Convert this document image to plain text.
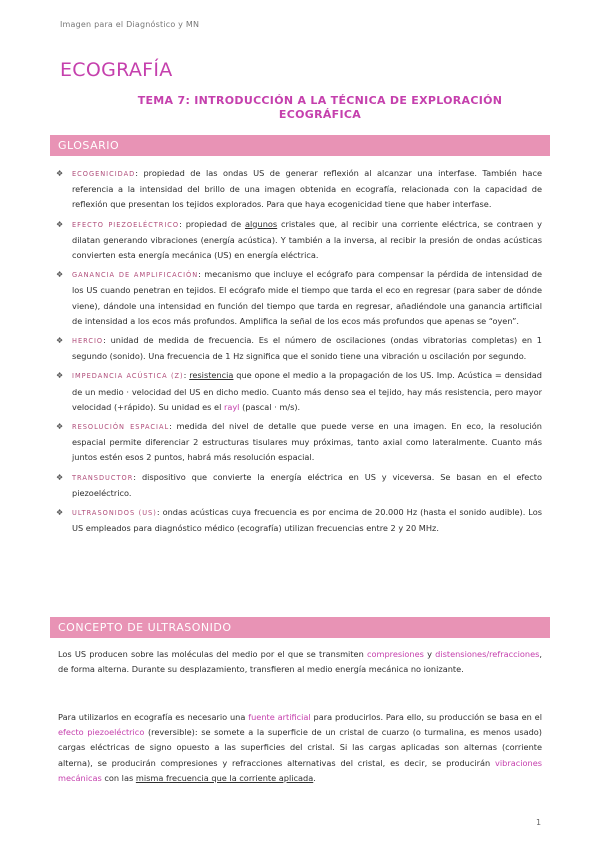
Imagen para el Diagnóstico y MN
ECOGRAFÍA
TEMA 7: INTRODUCCIÓN A LA TÉCNICA DE EXPLORACIÓN ECOGRÁFICA
GLOSARIO
❖ ECOGENICIDAD: propiedad de las ondas US de generar reflexión al alcanzar una interfase. También hace referencia a la intensidad del brillo de una imagen obtenida en ecografía, relacionada con la capacidad de reflexión que presentan los tejidos explorados. Para que haya ecogenicidad tiene que haber interfase.
❖ EFECTO PIEZOELÉCTRICO: propiedad de algunos cristales que, al recibir una corriente eléctrica, se contraen y dilatan generando vibraciones (energía acústica). Y también a la inversa, al recibir la presión de ondas acústicas convierten esta energía mecánica (US) en energía eléctrica.
❖ GANANCIA DE AMPLIFICACIÓN: mecanismo que incluye el ecógrafo para compensar la pérdida de intensidad de los US cuando penetran en tejidos. El ecógrafo mide el tiempo que tarda el eco en regresar (para saber de dónde viene), dándole una intensidad en función del tiempo que tarda en regresar, añadiéndole una ganancia artificial de intensidad a los ecos más profundos. Amplifica la señal de los ecos más profundos que apenas se “oyen”.
❖ HERCIO: unidad de medida de frecuencia. Es el número de oscilaciones (ondas vibratorias completas) en 1 segundo (sonido). Una frecuencia de 1 Hz significa que el sonido tiene una vibración u oscilación por segundo.
❖ IMPEDANCIA ACÚSTICA (Z): resistencia que opone el medio a la propagación de los US. Imp. Acústica = densidad de un medio · velocidad del US en dicho medio. Cuanto más denso sea el tejido, hay más resistencia, pero mayor velocidad (+rápido). Su unidad es el rayl (pascal · m/s).
❖ RESOLUCIÓN ESPACIAL: medida del nivel de detalle que puede verse en una imagen. En eco, la resolución espacial permite diferenciar 2 estructuras tisulares muy próximas, tanto axial como lateralmente. Cuanto más juntos estén esos 2 puntos, habrá más resolución espacial.
❖ TRANSDUCTOR: dispositivo que convierte la energía eléctrica en US y viceversa. Se basan en el efecto piezoeléctrico.
❖ ULTRASONIDOS (US): ondas acústicas cuya frecuencia es por encima de 20.000 Hz (hasta el sonido audible). Los US empleados para diagnóstico médico (ecografía) utilizan frecuencias entre 2 y 20 MHz.
CONCEPTO DE ULTRASONIDO

Los US producen sobre las moléculas del medio por el que se transmiten compresiones y distensiones/refracciones, de forma alterna. Durante su desplazamiento, transfieren al medio energía mecánica no ionizante.

Para utilizarlos en ecografía es necesario una fuente artificial para producirlos. Para ello, su producción se basa en el efecto piezoeléctrico (reversible): se somete a la superficie de un cristal de cuarzo (o turmalina, es menos usado) cargas eléctricas de signo opuesto a las superficies del cristal. Si las cargas aplicadas son alternas (corriente alterna), se producirán compresiones y refracciones alternativas del cristal, es decir, se producirán vibraciones mecánicas con las misma frecuencia que la corriente aplicada.

1
